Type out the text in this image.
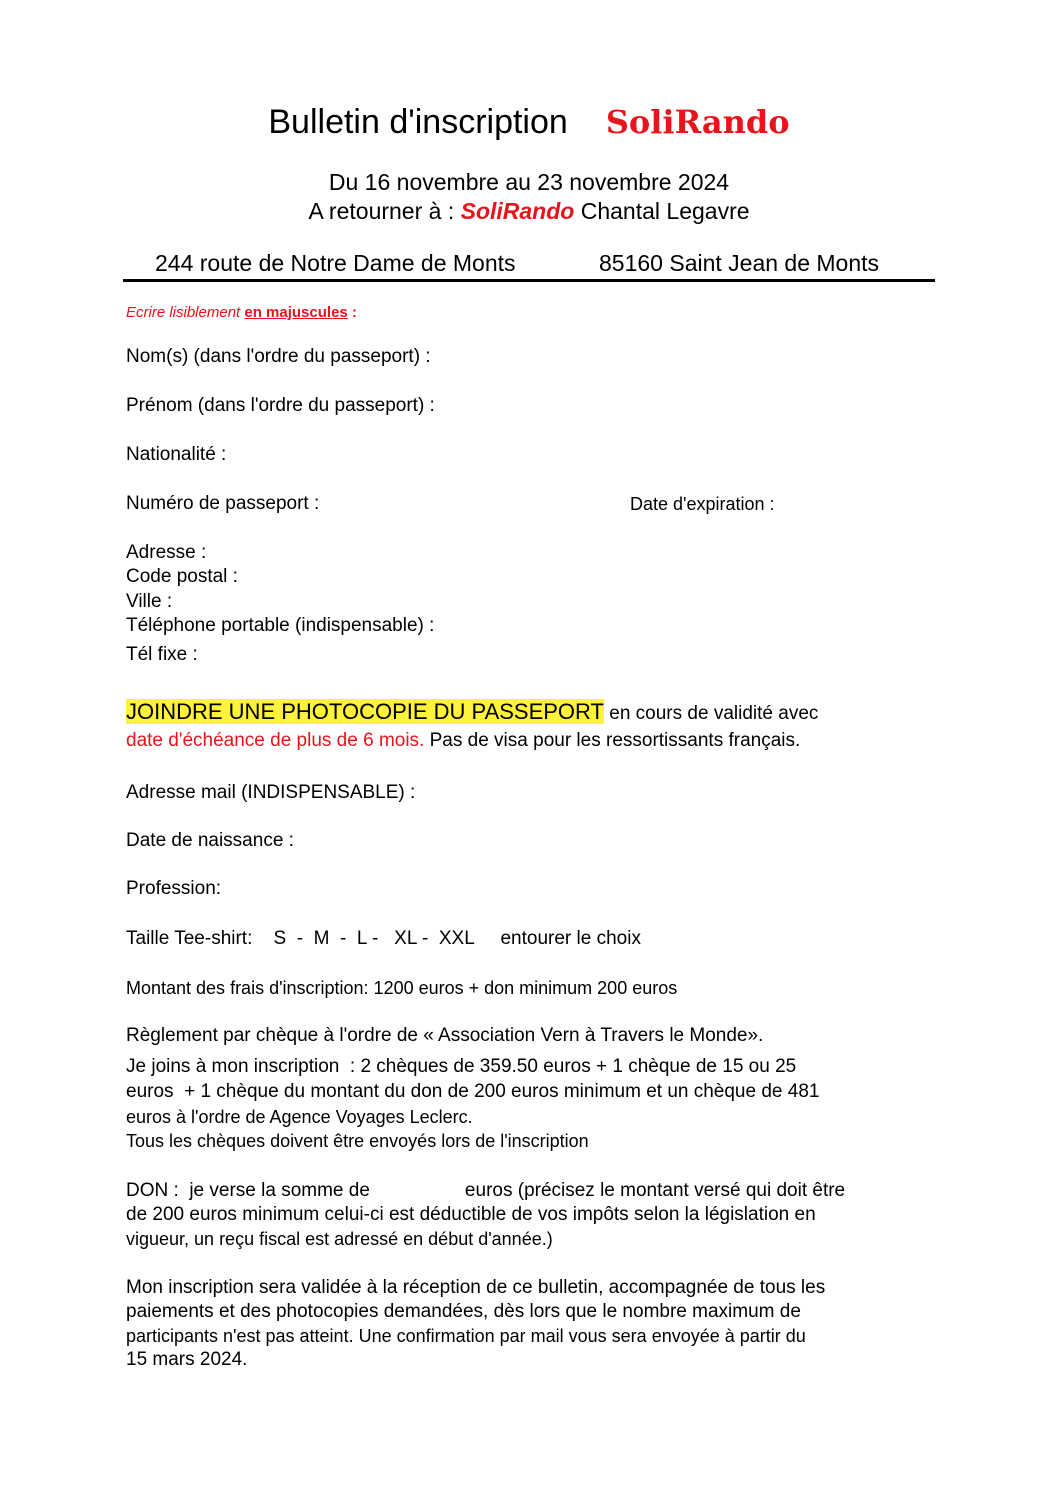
Bulletin d'inscription SoliRando
Du 16 novembre au 23 novembre 2024
A retourner à : SoliRando Chantal Legavre
244 route de Notre Dame de Monts	85160 Saint Jean de Monts
Ecrire lisiblement en majuscules :
Nom(s) (dans l'ordre du passeport) :
Prénom (dans l'ordre du passeport) :
Nationalité :
Numéro de passeport :	Date d'expiration :
Adresse :
Code postal :
Ville :
Téléphone portable (indispensable) :
Tél fixe :
JOINDRE UNE PHOTOCOPIE DU PASSEPORT en cours de validité avec
date d'échéance de plus de 6 mois. Pas de visa pour les ressortissants français.
Adresse mail (INDISPENSABLE) :
Date de naissance :
Profession:
Taille Tee-shirt:    S  -  M  -  L -   XL -  XXL     entourer le choix
Montant des frais d'inscription: 1200 euros + don minimum 200 euros
Règlement par chèque à l'ordre de « Association Vern à Travers le Monde».
Je joins à mon inscription  : 2 chèques de 359.50 euros + 1 chèque de 15 ou 25
euros  + 1 chèque du montant du don de 200 euros minimum et un chèque de 481
euros à l'ordre de Agence Voyages Leclerc.
Tous les chèques doivent être envoyés lors de l'inscription
DON :  je verse la somme de                  euros (précisez le montant versé qui doit être
de 200 euros minimum celui-ci est déductible de vos impôts selon la législation en
vigueur, un reçu fiscal est adressé en début d'année.)
Mon inscription sera validée à la réception de ce bulletin, accompagnée de tous les
paiements et des photocopies demandées, dès lors que le nombre maximum de
participants n'est pas atteint. Une confirmation par mail vous sera envoyée à partir du
15 mars 2024.
